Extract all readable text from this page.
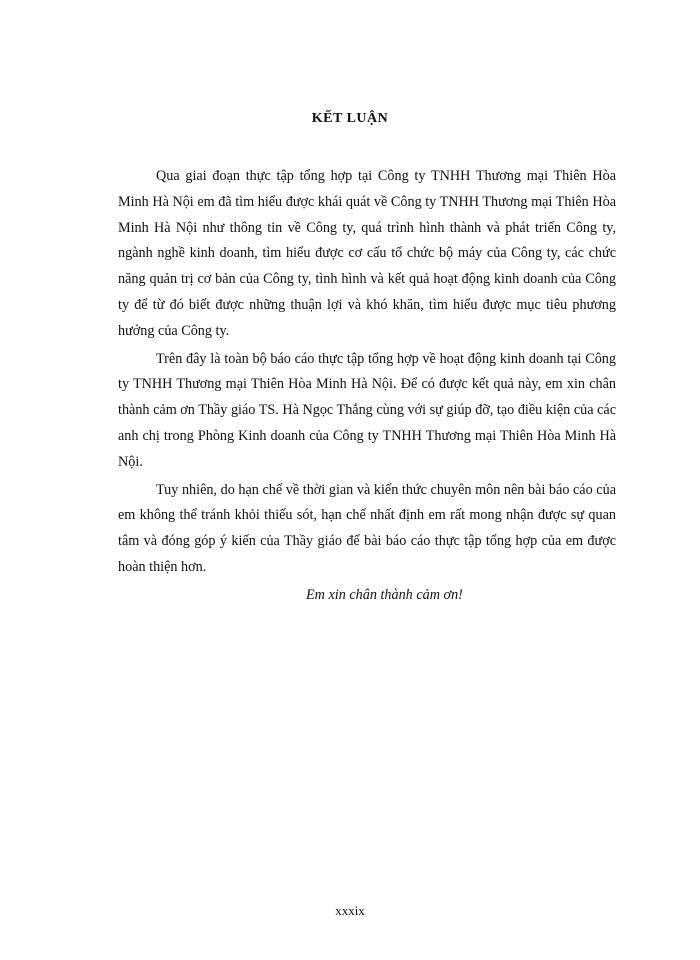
KẾT LUẬN

Qua giai đoạn thực tập tổng hợp tại Công ty TNHH Thương mại Thiên Hòa Minh Hà Nội em đã tìm hiểu được khái quát về Công ty TNHH Thương mại Thiên Hòa Minh Hà Nội như thông tin về Công ty, quá trình hình thành và phát triển Công ty, ngành nghề kinh doanh, tìm hiểu được cơ cấu tổ chức bộ máy của Công ty, các chức năng quản trị cơ bản của Công ty, tình hình và kết quả hoạt động kinh doanh của Công ty để từ đó biết được những thuận lợi và khó khăn, tìm hiểu được mục tiêu phương hướng của Công ty.

Trên đây là toàn bộ báo cáo thực tập tổng hợp về hoạt động kinh doanh tại Công ty TNHH Thương mại Thiên Hòa Minh Hà Nội. Để có được kết quả này, em xin chân thành cảm ơn Thầy giáo TS. Hà Ngọc Thắng cùng với sự giúp đỡ, tạo điều kiện của các anh chị trong Phòng Kinh doanh của Công ty TNHH Thương mại Thiên Hòa Minh Hà Nội.

Tuy nhiên, do hạn chế về thời gian và kiến thức chuyên môn nên bài báo cáo của em không thể tránh khỏi thiếu sót, hạn chế nhất định em rất mong nhận được sự quan tâm và đóng góp ý kiến của Thầy giáo để bài báo cáo thực tập tổng hợp của em được hoàn thiện hơn.

Em xin chân thành cảm ơn!

xxxix
